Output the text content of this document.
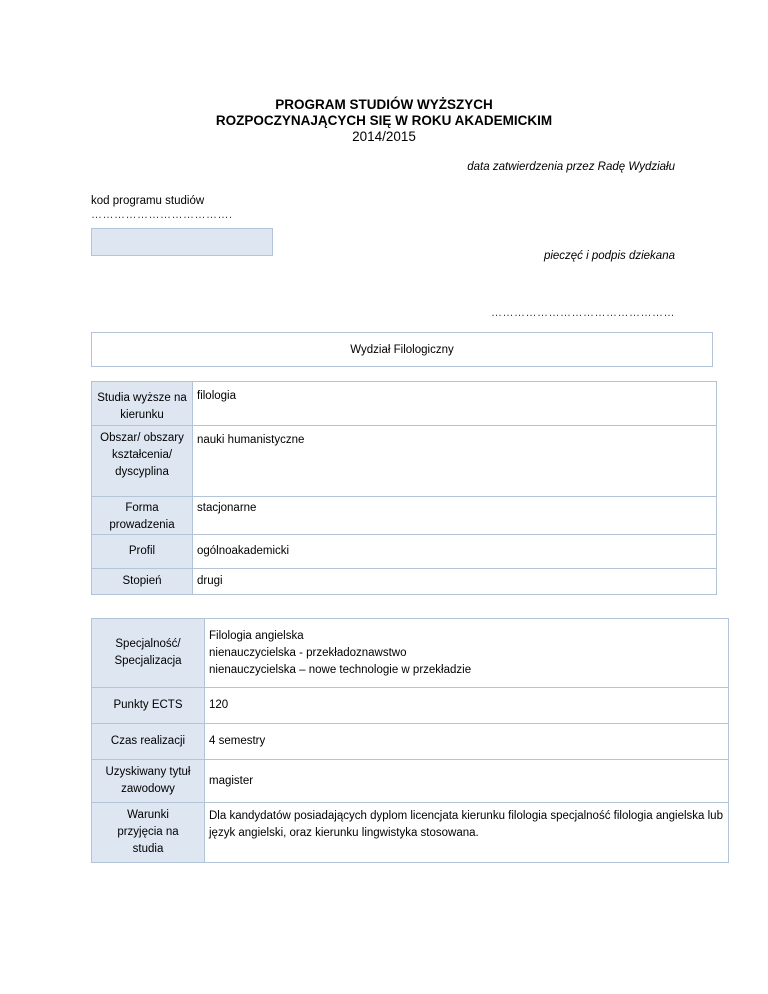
PROGRAM STUDIÓW WYŻSZYCH
ROZPOCZYNAJĄCYCH SIĘ W ROKU AKADEMICKIM
2014/2015
data zatwierdzenia przez Radę Wydziału
kod programu studiów
……………………………….
pieczęć i podpis dziekana
…………………………………………
Wydział Filologiczny
Studia wyższe na kierunku	filologia
Obszar/ obszary kształcenia/ dyscyplina	nauki humanistyczne
Forma prowadzenia	stacjonarne
Profil	ogólnoakademicki
Stopień	drugi
Specjalność/ Specjalizacja	Filologia angielska
nienauczycielska - przekładoznawstwo
nienauczycielska – nowe technologie w przekładzie

Punkty ECTS	120
Czas realizacji	4 semestry
Uzyskiwany tytuł zawodowy	magister
Warunki przyjęcia na studia	Dla kandydatów posiadających dyplom licencjata kierunku filologia specjalność filologia angielska lub język angielski, oraz kierunku lingwistyka stosowana.
